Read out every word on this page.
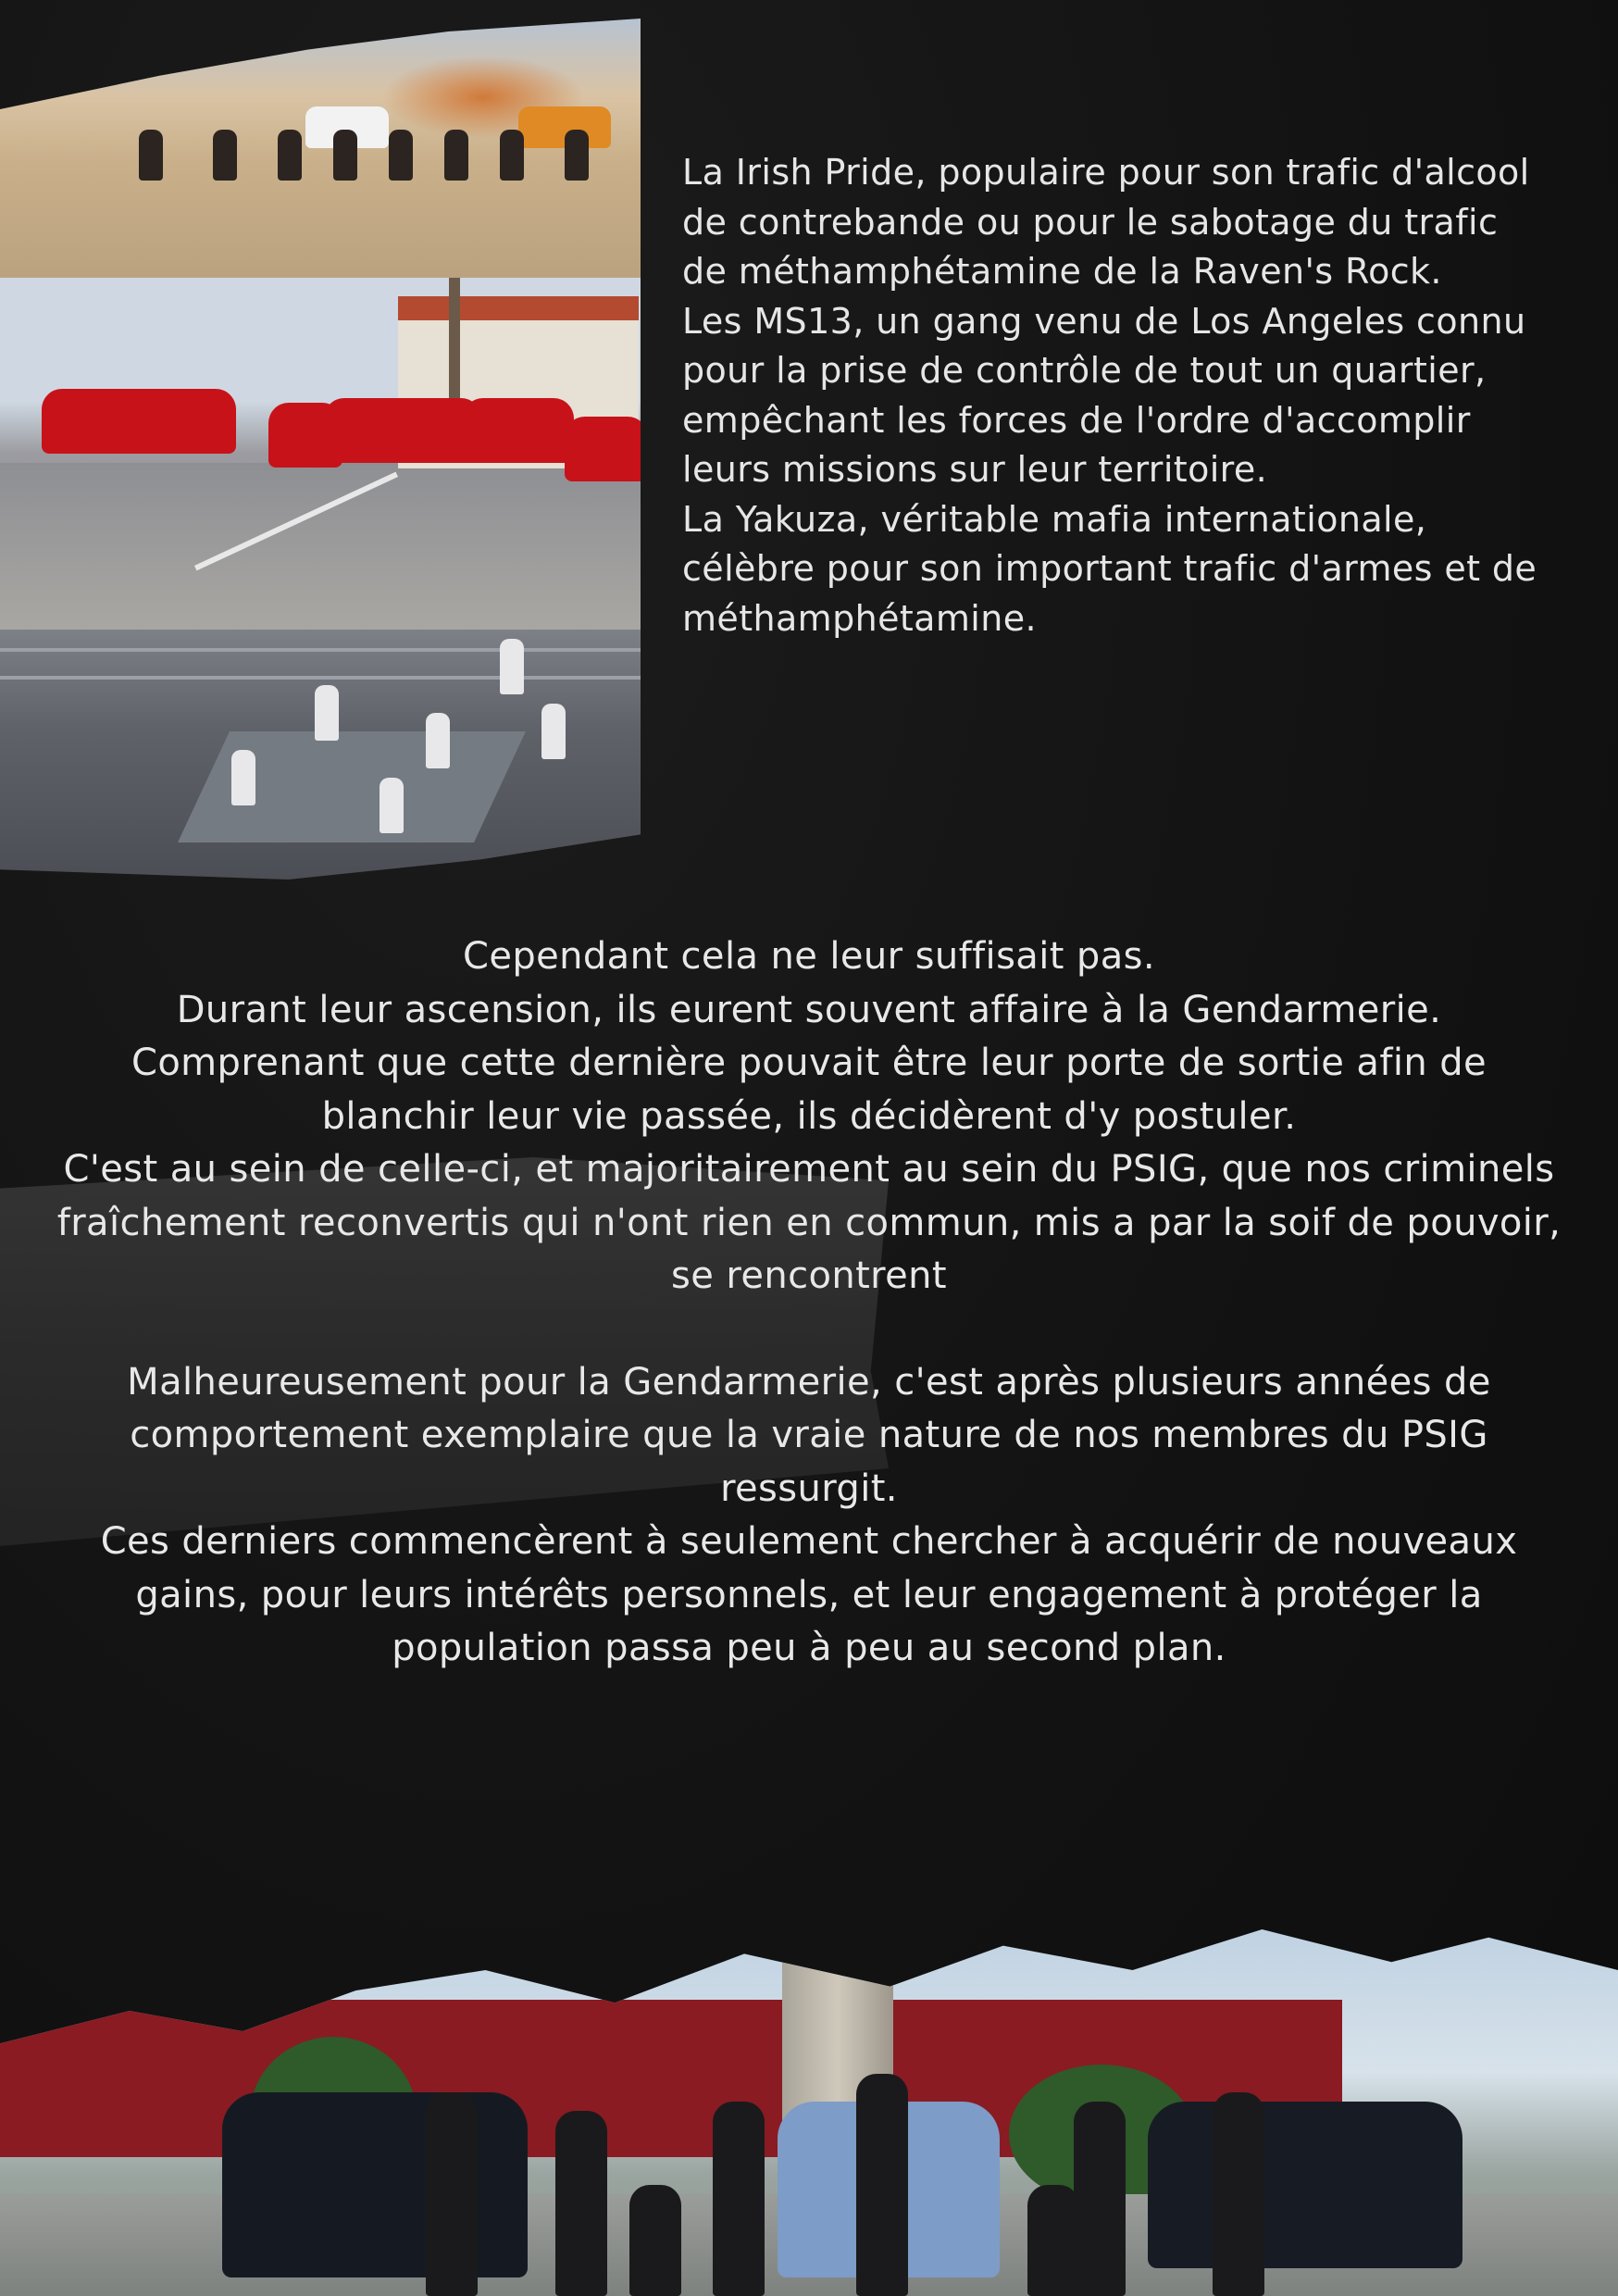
La Irish Pride, populaire pour son trafic d'alcool de contrebande ou pour le sabotage du trafic de méthamphétamine de la Raven's Rock.

Les MS13, un gang venu de Los Angeles connu pour la prise de contrôle de tout un quartier, empêchant les forces de l'ordre d'accomplir leurs missions sur leur territoire.

La Yakuza, véritable mafia internationale, célèbre pour son important trafic d'armes et de méthamphétamine.

Cependant cela ne leur suffisait pas.

Durant leur ascension, ils eurent souvent affaire à la Gendarmerie.

Comprenant que cette dernière pouvait être leur porte de sortie afin de blanchir leur vie passée, ils décidèrent d'y postuler.

C'est au sein de celle-ci, et majoritairement au sein du PSIG, que nos criminels fraîchement reconvertis qui n'ont rien en commun, mis a par la soif de pouvoir, se rencontrent

Malheureusement pour la Gendarmerie, c'est après plusieurs années de comportement exemplaire que la vraie nature de nos membres du PSIG ressurgit.

Ces derniers commencèrent à seulement chercher à acquérir de nouveaux gains, pour leurs intérêts personnels, et leur engagement à protéger la population passa peu à peu au second plan.
